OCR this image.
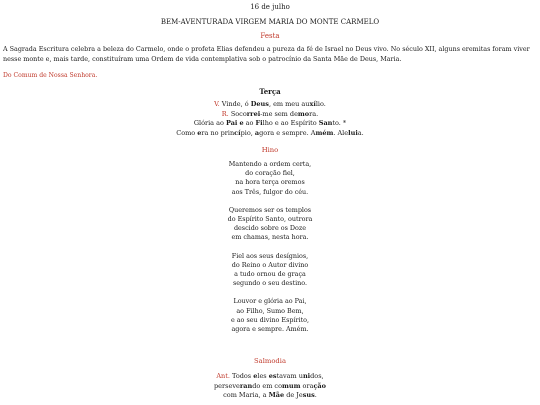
16 de julho
BEM-AVENTURADA VIRGEM MARIA DO MONTE CARMELO
Festa
A Sagrada Escritura celebra a beleza do Carmelo, onde o profeta Elias defendeu a pureza da fé de Israel no Deus vivo. No século XII, alguns eremitas foram viver nesse monte e, mais tarde, constituíram uma Ordem de vida contemplativa sob o patrocínio da Santa Mãe de Deus, Maria.
Do Comum de Nossa Senhora.
Terça
V. Vinde, ó Deus, em meu auxílio.
R. Socorrei-me sem demora.
Glória ao Pai e ao Filho e ao Espírito Santo. *
Como era no princípio, agora e sempre. Amém. Aleluia.
Hino
Mantendo a ordem certa,
do coração fiel,
na hora terça oremos
aos Três, fulgor do céu.
Queremos ser os templos
do Espírito Santo, outrora
descido sobre os Doze
em chamas, nesta hora.
Fiel aos seus desígnios,
do Reino o Autor divino
a tudo ornou de graça
segundo o seu destino.
Louvor e glória ao Pai,
ao Filho, Sumo Bem,
e ao seu divino Espírito,
agora e sempre. Amém.
Salmodia
Ant. Todos eles estavam unidos,
perseverando em comum oração
com Maria, a Mãe de Jesus.
